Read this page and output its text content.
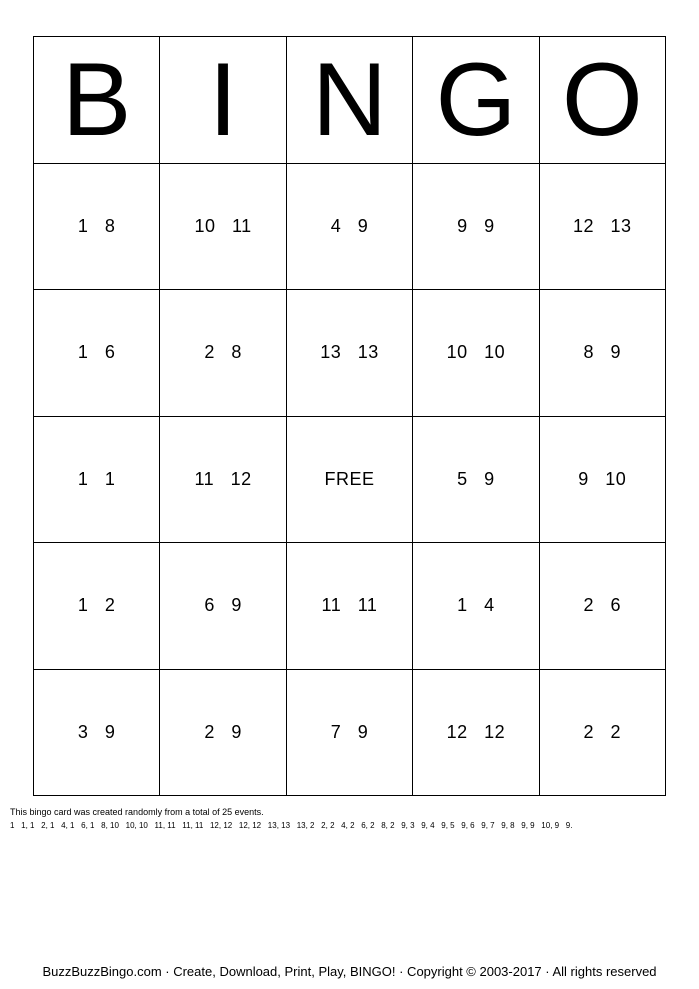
B I N G O
1   8	10   11	4   9	9   9	12   13
1   6	2   8	13   13	10   10	8   9
1   1	11   12	FREE	5   9	9   10
1   2	6   9	11   11	1   4	2   6
3   9	2   9	7   9	12   12	2   2
This bingo card was created randomly from a total of 25 events.
1   1, 1   2, 1   4, 1   6, 1   8, 10   10, 10   11, 11   11, 11   12, 12   12, 12   13, 13   13, 2   2, 2   4, 2   6, 2   8, 2   9, 3   9, 4   9, 5   9, 6   9, 7   9, 8   9, 9   10, 9   9.
BuzzBuzzBingo.com · Create, Download, Print, Play, BINGO! · Copyright © 2003-2017 · All rights reserved
